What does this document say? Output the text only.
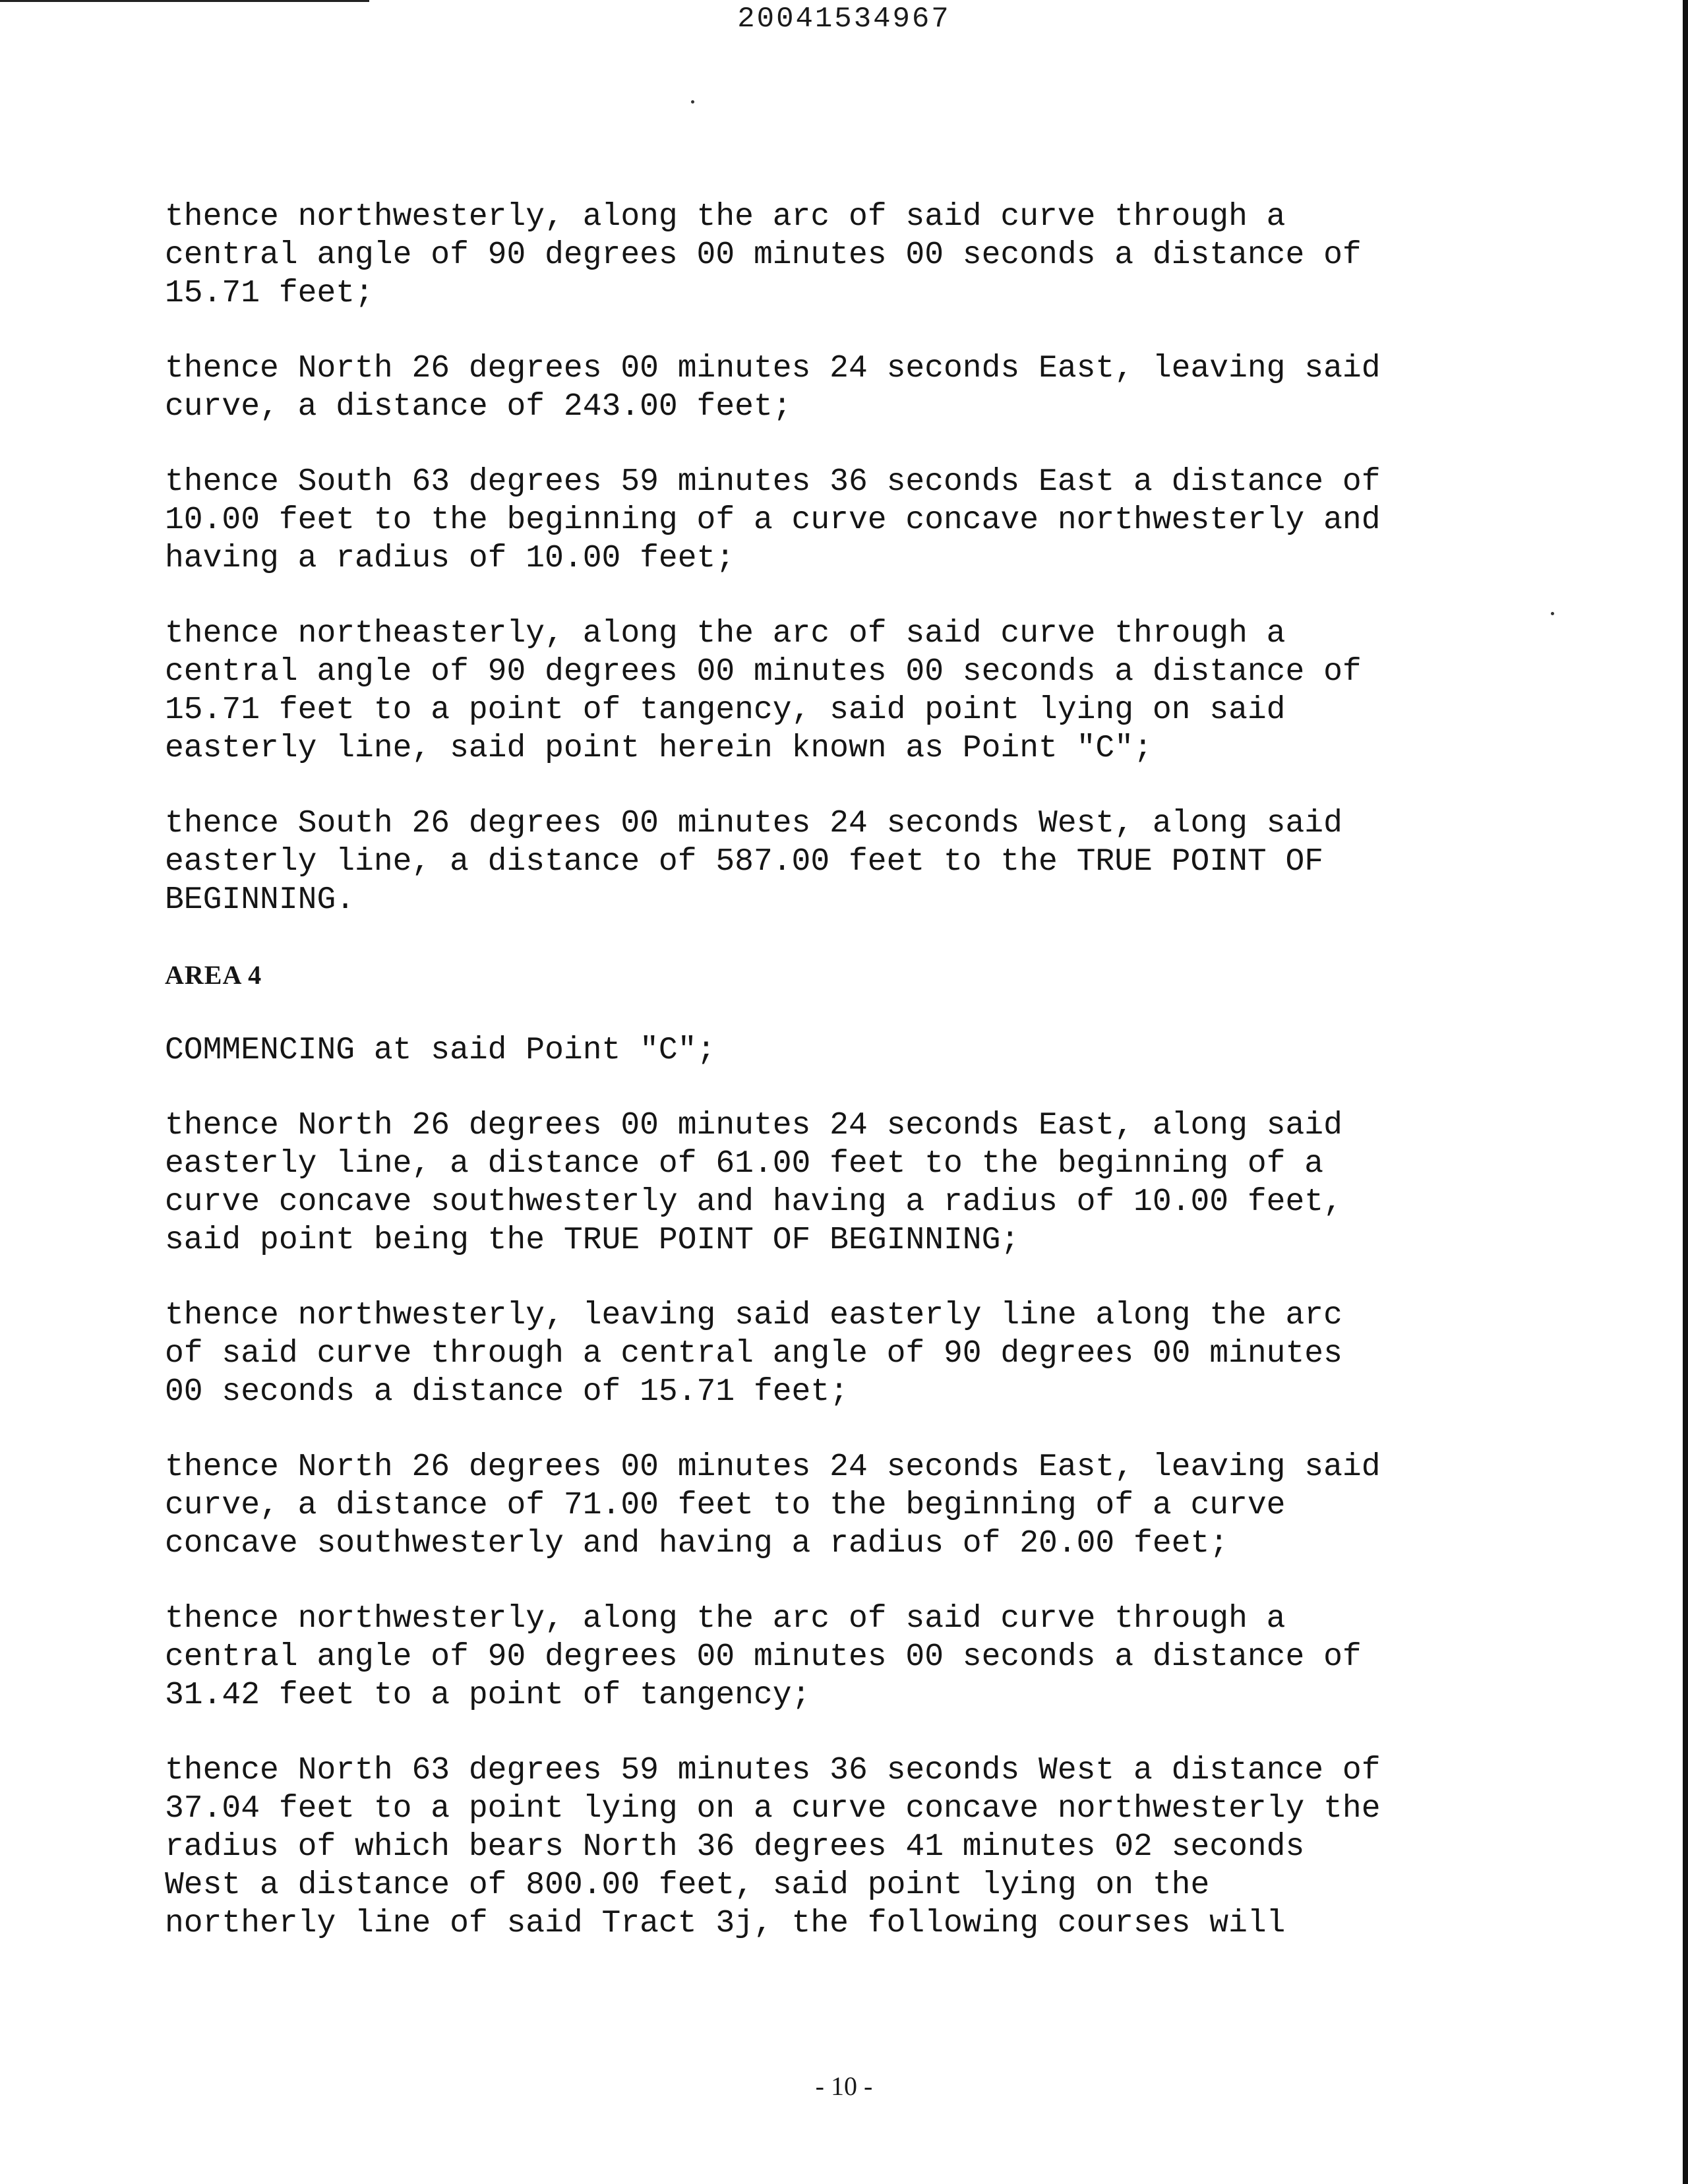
20041534967
thence northwesterly, along the arc of said curve through a
central angle of 90 degrees 00 minutes 00 seconds a distance of
15.71 feet;
thence North 26 degrees 00 minutes 24 seconds East, leaving said
curve, a distance of 243.00 feet;
thence South 63 degrees 59 minutes 36 seconds East a distance of
10.00 feet to the beginning of a curve concave northwesterly and
having a radius of 10.00 feet;
thence northeasterly, along the arc of said curve through a
central angle of 90 degrees 00 minutes 00 seconds a distance of
15.71 feet to a point of tangency, said point lying on said
easterly line, said point herein known as Point "C";
thence South 26 degrees 00 minutes 24 seconds West, along said
easterly line, a distance of 587.00 feet to the TRUE POINT OF
BEGINNING.
AREA 4
COMMENCING at said Point "C";
thence North 26 degrees 00 minutes 24 seconds East, along said
easterly line, a distance of 61.00 feet to the beginning of a
curve concave southwesterly and having a radius of 10.00 feet,
said point being the TRUE POINT OF BEGINNING;
thence northwesterly, leaving said easterly line along the arc
of said curve through a central angle of 90 degrees 00 minutes
00 seconds a distance of 15.71 feet;
thence North 26 degrees 00 minutes 24 seconds East, leaving said
curve, a distance of 71.00 feet to the beginning of a curve
concave southwesterly and having a radius of 20.00 feet;
thence northwesterly, along the arc of said curve through a
central angle of 90 degrees 00 minutes 00 seconds a distance of
31.42 feet to a point of tangency;
thence North 63 degrees 59 minutes 36 seconds West a distance of
37.04 feet to a point lying on a curve concave northwesterly the
radius of which bears North 36 degrees 41 minutes 02 seconds
West a distance of 800.00 feet, said point lying on the
northerly line of said Tract 3j, the following courses will
- 10 -
